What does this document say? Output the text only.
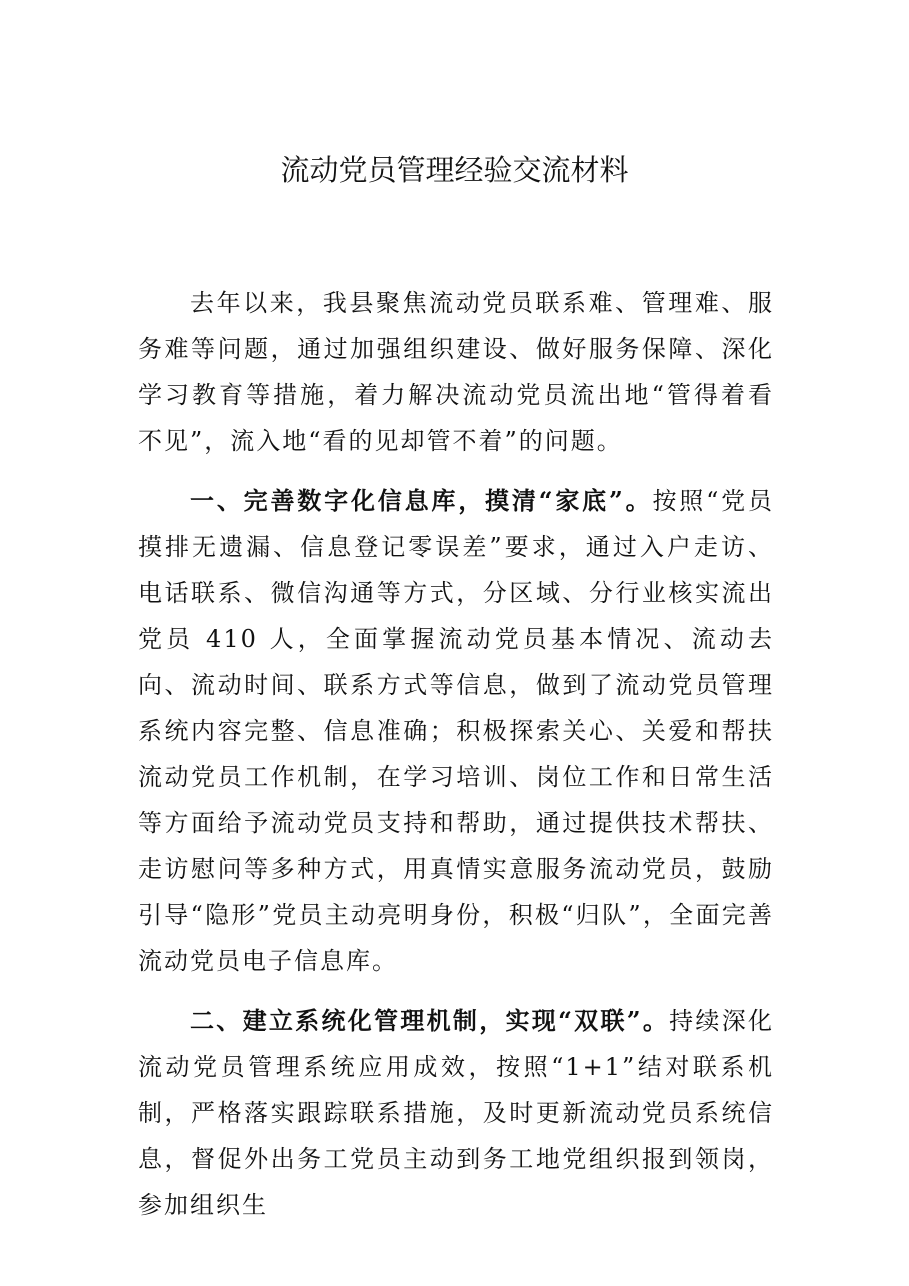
流动党员管理经验交流材料

去年以来，我县聚焦流动党员联系难、管理难、服务难等问题，通过加强组织建设、做好服务保障、深化学习教育等措施，着力解决流动党员流出地“管得着看不见”，流入地“看的见却管不着”的问题。

一、完善数字化信息库，摸清“家底”。按照“党员摸排无遗漏、信息登记零误差”要求，通过入户走访、电话联系、微信沟通等方式，分区域、分行业核实流出党员 410 人，全面掌握流动党员基本情况、流动去向、流动时间、联系方式等信息，做到了流动党员管理系统内容完整、信息准确；积极探索关心、关爱和帮扶流动党员工作机制，在学习培训、岗位工作和日常生活等方面给予流动党员支持和帮助，通过提供技术帮扶、走访慰问等多种方式，用真情实意服务流动党员，鼓励引导“隐形”党员主动亮明身份，积极“归队”，全面完善流动党员电子信息库。

二、建立系统化管理机制，实现“双联”。持续深化流动党员管理系统应用成效，按照“1+1”结对联系机制，严格落实跟踪联系措施，及时更新流动党员系统信息，督促外出务工党员主动到务工地党组织报到领岗，参加组织生
